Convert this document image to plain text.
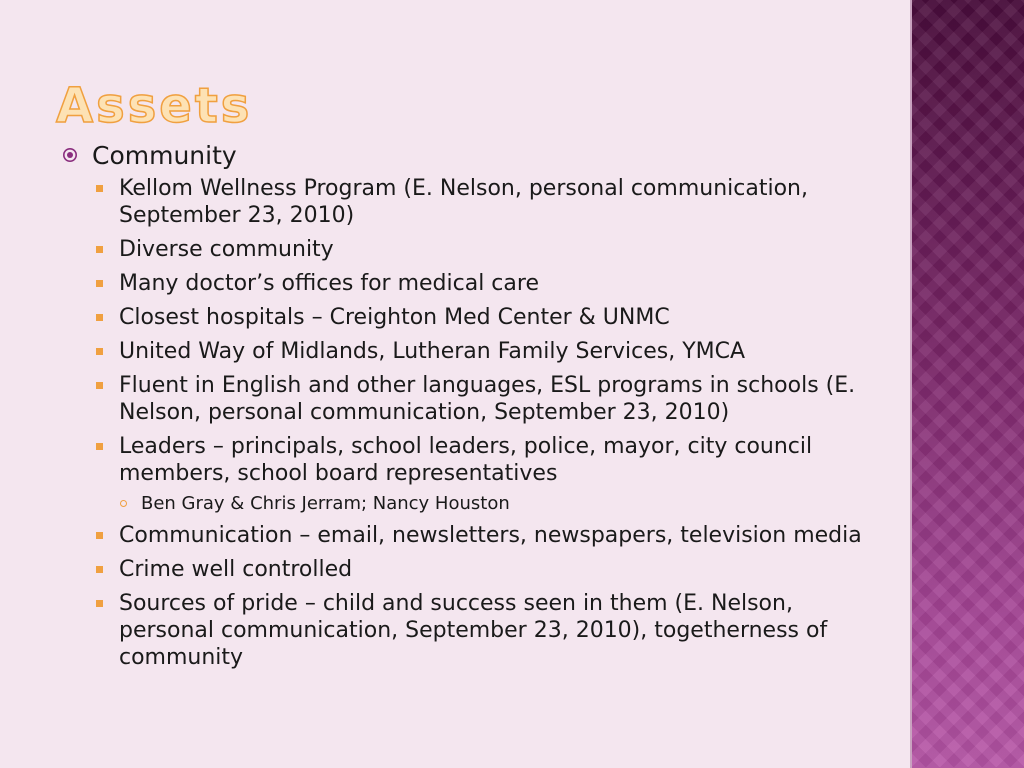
Assets
Community
Kellom Wellness Program (E. Nelson, personal communication, September 23, 2010)
Diverse community
Many doctor’s offices for medical care
Closest hospitals – Creighton Med Center & UNMC
United Way of Midlands, Lutheran Family Services, YMCA
Fluent in English and other languages, ESL programs in schools (E. Nelson, personal communication, September 23, 2010)
Leaders – principals, school leaders, police, mayor, city council members, school board representatives
Ben Gray & Chris Jerram; Nancy Houston
Communication – email, newsletters, newspapers, television media
Crime well controlled
Sources of pride – child and success seen in them (E. Nelson, personal communication, September 23, 2010), togetherness of community
